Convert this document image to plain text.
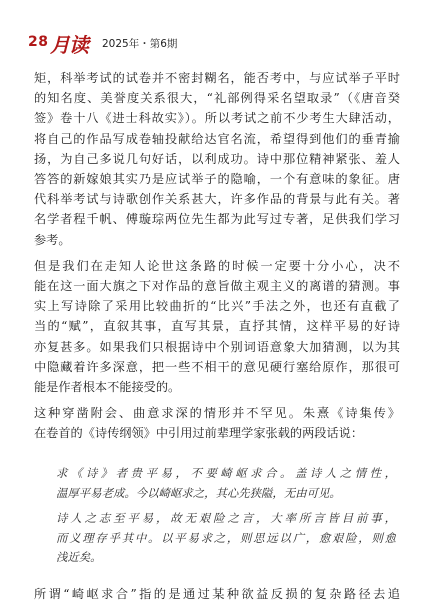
28 月读 2025年・第6期
矩，科举考试的试卷并不密封糊名，能否考中，与应试举子平时
的知名度、美誉度关系很大，“礼部例得采名望取录”（《唐音癸
签》卷十八《进士科故实》）。所以考试之前不少考生大肆活动，
将自己的作品写成卷轴投献给达官名流，希望得到他们的垂青揄
扬，为自己多说几句好话，以利成功。诗中那位精神紧张、羞人
答答的新嫁娘其实乃是应试举子的隐喻，一个有意味的象征。唐
代科举考试与诗歌创作关系甚大，许多作品的背景与此有关。著
名学者程千帆、傅璇琮两位先生都为此写过专著，足供我们学习
参考。
但是我们在走知人论世这条路的时候一定要十分小心，决不
能在这一面大旗之下对作品的意旨做主观主义的离谱的猜测。事
实上写诗除了采用比较曲折的“比兴”手法之外，也还有直截了
当的“赋”，直叙其事，直写其景，直抒其情，这样平易的好诗
亦复甚多。如果我们只根据诗中个别词语意象大加猜测，以为其
中隐藏着许多深意，把一些不相干的意见硬行塞给原作，那很可
能是作者根本不能接受的。
这种穿凿附会、曲意求深的情形并不罕见。朱熹《诗集传》
在卷首的《诗传纲领》中引用过前辈理学家张载的两段话说：
求《诗》者贵平易，不要崎岖求合。盖诗人之情性，
温厚平易老成。今以崎岖求之，其心先狭隘，无由可见。
诗人之志至平易，故无艰险之言，大率所言皆目前事，
而义理存乎其中。以平易求之，则思远以广，愈艰险，则愈
浅近矣。
所谓“崎岖求合”指的是通过某种欲益反损的复杂路径去追
